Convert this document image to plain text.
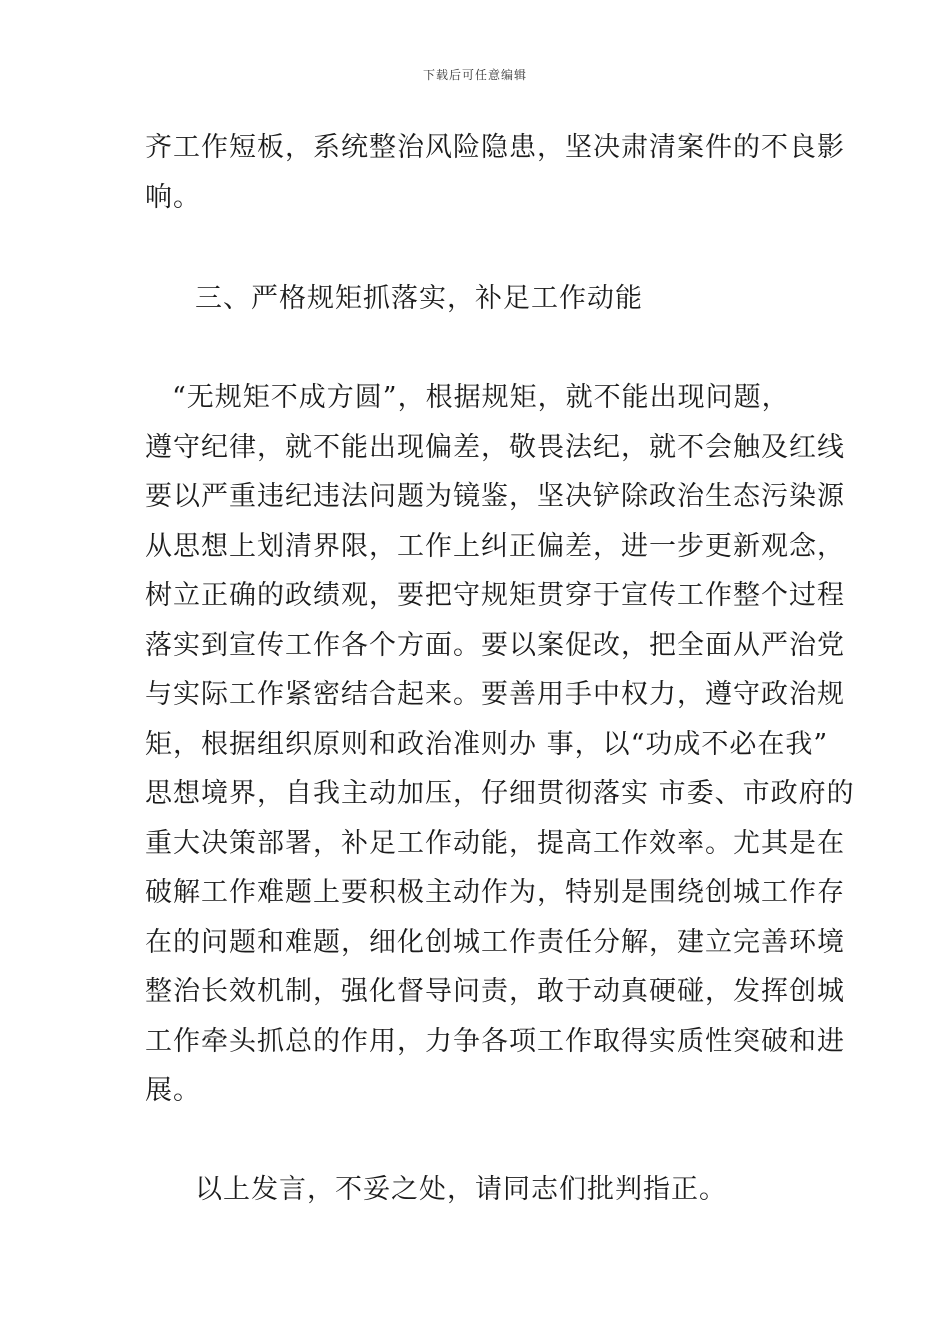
下载后可任意编辑
齐工作短板，系统整治风险隐患，坚决肃清案件的不良影
响。
三、严格规矩抓落实，补足工作动能
“无规矩不成方圆”，根据规矩，就不能出现问题，
遵守纪律，就不能出现偏差，敬畏法纪，就不会触及红线
要以严重违纪违法问题为镜鉴，坚决铲除政治生态污染源
从思想上划清界限，工作上纠正偏差，进一步更新观念，
树立正确的政绩观，要把守规矩贯穿于宣传工作整个过程
落实到宣传工作各个方面。要以案促改，把全面从严治党
与实际工作紧密结合起来。要善用手中权力，遵守政治规
矩，根据组织原则和政治准则办 事，以“功成不必在我”
思想境界，自我主动加压，仔细贯彻落实 市委、市政府的
重大决策部署，补足工作动能，提高工作效率。尤其是在
破解工作难题上要积极主动作为，特别是围绕创城工作存
在的问题和难题，细化创城工作责任分解，建立完善环境
整治长效机制，强化督导问责，敢于动真硬碰，发挥创城
工作牵头抓总的作用，力争各项工作取得实质性突破和进
展。
以上发言，不妥之处，请同志们批判指正。
